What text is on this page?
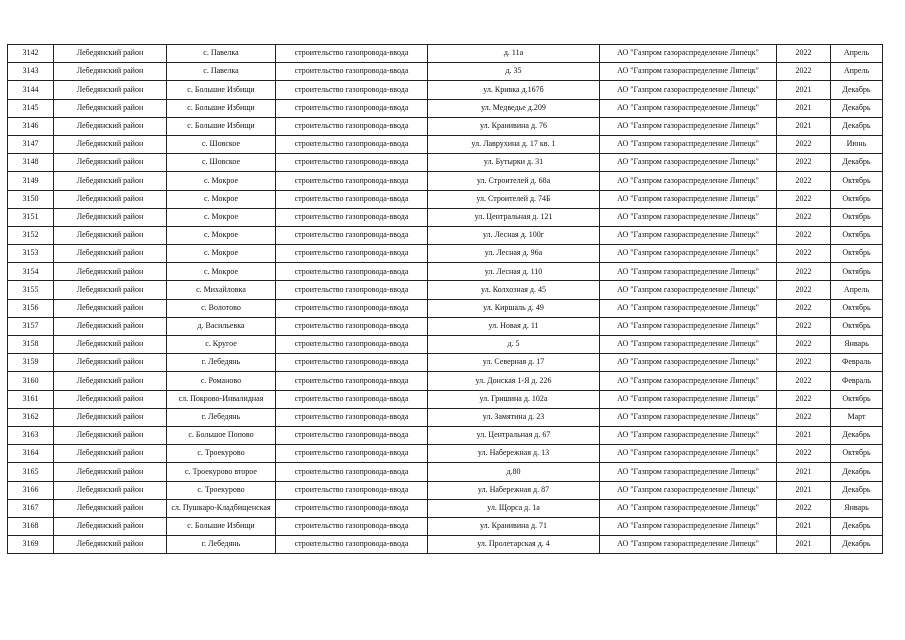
3142	Лебедянский район	с. Павелка	строительство газопровода-ввода	д. 11а	АО "Газпром газораспределение Липецк"	2022	Апрель
3143	Лебедянский район	с. Павелка	строительство газопровода-ввода	д. 35	АО "Газпром газораспределение Липецк"	2022	Апрель
3144	Лебедянский район	с. Большие Избищи	строительство газопровода-ввода	ул. Кривка д.167б	АО "Газпром газораспределение Липецк"	2021	Декабрь
3145	Лебедянский район	с. Большие Избищи	строительство газопровода-ввода	ул. Медведье д.209	АО "Газпром газораспределение Липецк"	2021	Декабрь
3146	Лебедянский район	с. Большие Избищи	строительство газопровода-ввода	ул. Кранивина д. 76	АО "Газпром газораспределение Липецк"	2021	Декабрь
3147	Лебедянский район	с. Шовское	строительство газопровода-ввода	ул. Лаврухина д. 17 кв. 1	АО "Газпром газораспределение Липецк"	2022	Июнь
3148	Лебедянский район	с. Шовское	строительство газопровода-ввода	ул. Бутырки д. 31	АО "Газпром газораспределение Липецк"	2022	Декабрь
3149	Лебедянский район	с. Мокрое	строительство газопровода-ввода	ул. Строителей д. 68а	АО "Газпром газораспределение Липецк"	2022	Октябрь
3150	Лебедянский район	с. Мокрое	строительство газопровода-ввода	ул. Строителей д. 74Б	АО "Газпром газораспределение Липецк"	2022	Октябрь
3151	Лебедянский район	с. Мокрое	строительство газопровода-ввода	ул. Центральная д. 121	АО "Газпром газораспределение Липецк"	2022	Октябрь
3152	Лебедянский район	с. Мокрое	строительство газопровода-ввода	ул. Лесная д. 100г	АО "Газпром газораспределение Липецк"	2022	Октябрь
3153	Лебедянский район	с. Мокрое	строительство газопровода-ввода	ул. Лесная д. 96а	АО "Газпром газораспределение Липецк"	2022	Октябрь
3154	Лебедянский район	с. Мокрое	строительство газопровода-ввода	ул. Лесная д. 110	АО "Газпром газораспределение Липецк"	2022	Октябрь
3155	Лебедянский район	с. Михайловка	строительство газопровода-ввода	ул. Колхозная д. 45	АО "Газпром газораспределение Липецк"	2022	Апрель
3156	Лебедянский район	с. Волотово	строительство газопровода-ввода	ул. Киршаль д. 49	АО "Газпром газораспределение Липецк"	2022	Октябрь
3157	Лебедянский район	д. Васильевка	строительство газопровода-ввода	ул. Новая д. 11	АО "Газпром газораспределение Липецк"	2022	Октябрь
3158	Лебедянский район	с. Кругое	строительство газопровода-ввода	д. 5	АО "Газпром газораспределение Липецк"	2022	Январь
3159	Лебедянский район	г. Лебедянь	строительство газопровода-ввода	ул. Северная д. 17	АО "Газпром газораспределение Липецк"	2022	Февраль
3160	Лебедянский район	с. Романово	строительство газопровода-ввода	ул. Донская 1-Я д. 226	АО "Газпром газораспределение Липецк"	2022	Февраль
3161	Лебедянский район	сл. Покрово-Инвалидная	строительство газопровода-ввода	ул. Гришина д. 102а	АО "Газпром газораспределение Липецк"	2022	Октябрь
3162	Лебедянский район	г. Лебедянь	строительство газопровода-ввода	ул. Замятина д. 23	АО "Газпром газораспределение Липецк"	2022	Март
3163	Лебедянский район	с. Большое Попово	строительство газопровода-ввода	ул. Центральная д. 67	АО "Газпром газораспределение Липецк"	2021	Декабрь
3164	Лебедянский район	с. Троекурово	строительство газопровода-ввода	ул. Набережная д. 13	АО "Газпром газораспределение Липецк"	2022	Октябрь
3165	Лебедянский район	с. Троекурово второе	строительство газопровода-ввода	д.80	АО "Газпром газораспределение Липецк"	2021	Декабрь
3166	Лебедянский район	с. Троекурово	строительство газопровода-ввода	ул. Набережная д. 87	АО "Газпром газораспределение Липецк"	2021	Декабрь
3167	Лебедянский район	сл. Пушкаро-Кладбищенская	строительство газопровода-ввода	ул. Щорса д. 1а	АО "Газпром газораспределение Липецк"	2022	Январь
3168	Лебедянский район	с. Большие Избищи	строительство газопровода-ввода	ул. Кранивина д. 71	АО "Газпром газораспределение Липецк"	2021	Декабрь
3169	Лебедянский район	г. Лебедянь	строительство газопровода-ввода	ул. Пролетарская д. 4	АО "Газпром газораспределение Липецк"	2021	Декабрь
